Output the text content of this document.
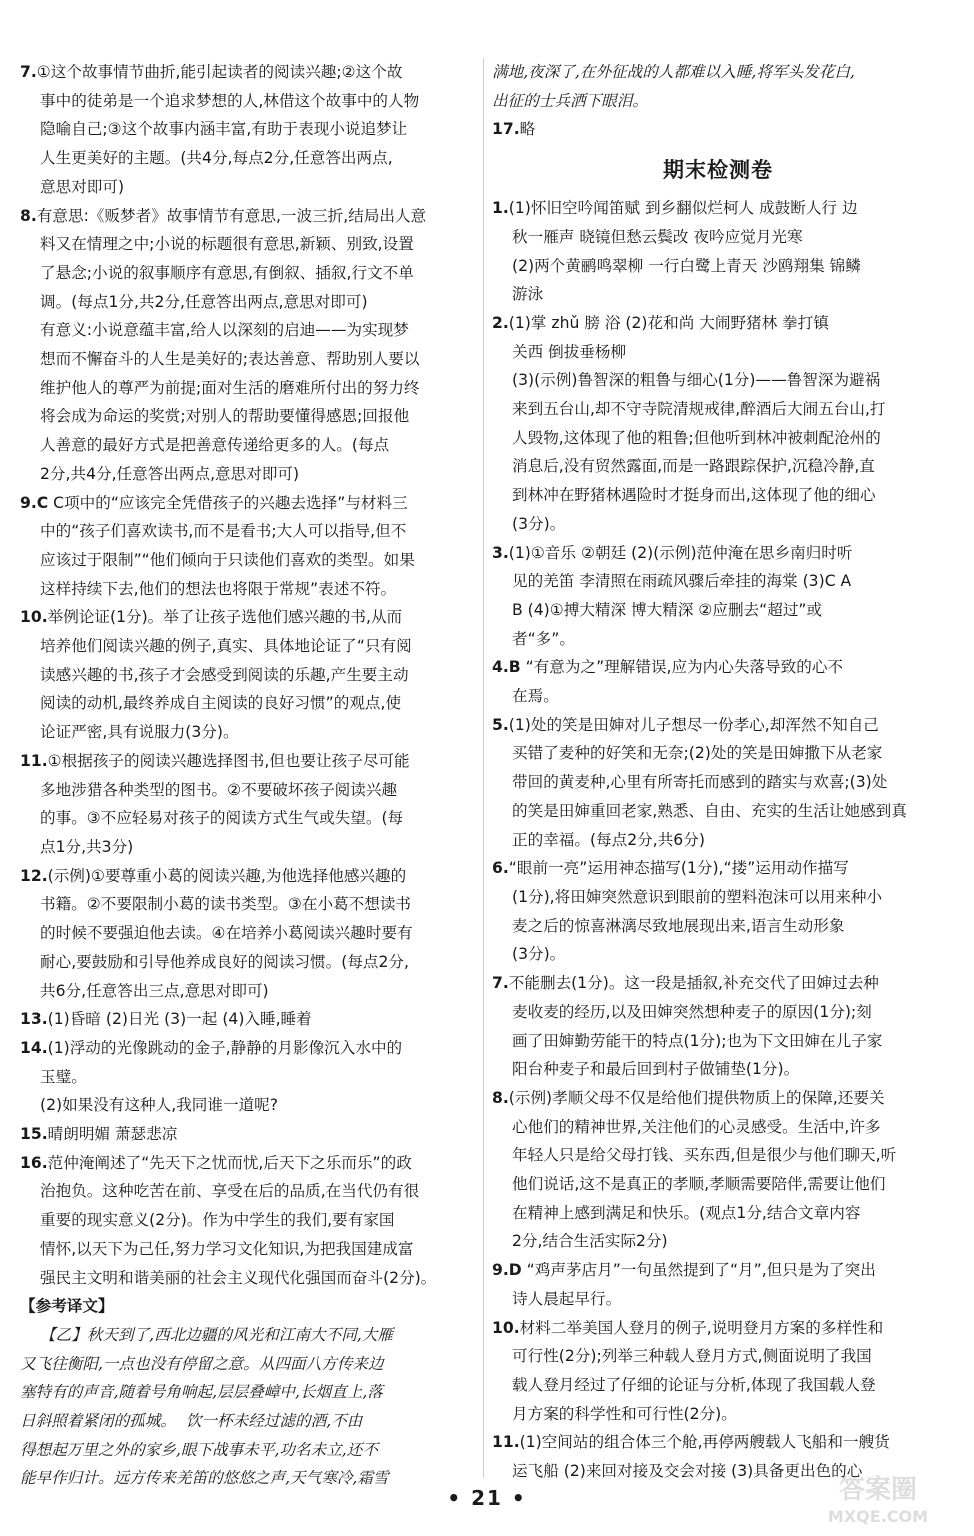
7.①这个故事情节曲折,能引起读者的阅读兴趣;②这个故
事中的徒弟是一个追求梦想的人,林借这个故事中的人物
隐喻自己;③这个故事内涵丰富,有助于表现小说追梦让
人生更美好的主题。(共4分,每点2分,任意答出两点,
意思对即可)
8.有意思:《贩梦者》故事情节有意思,一波三折,结局出人意
料又在情理之中;小说的标题很有意思,新颖、别致,设置
了悬念;小说的叙事顺序有意思,有倒叙、插叙,行文不单
调。(每点1分,共2分,任意答出两点,意思对即可)
有意义:小说意蕴丰富,给人以深刻的启迪——为实现梦
想而不懈奋斗的人生是美好的;表达善意、帮助别人要以
维护他人的尊严为前提;面对生活的磨难所付出的努力终
将会成为命运的奖赏;对别人的帮助要懂得感恩;回报他
人善意的最好方式是把善意传递给更多的人。(每点
2分,共4分,任意答出两点,意思对即可)
9.C C项中的“应该完全凭借孩子的兴趣去选择”与材料三
中的“孩子们喜欢读书,而不是看书;大人可以指导,但不
应该过于限制”“他们倾向于只读他们喜欢的类型。如果
这样持续下去,他们的想法也将限于常规”表述不符。
10.举例论证(1分)。举了让孩子选他们感兴趣的书,从而
培养他们阅读兴趣的例子,真实、具体地论证了“只有阅
读感兴趣的书,孩子才会感受到阅读的乐趣,产生要主动
阅读的动机,最终养成自主阅读的良好习惯”的观点,使
论证严密,具有说服力(3分)。
11.①根据孩子的阅读兴趣选择图书,但也要让孩子尽可能
多地涉猎各种类型的图书。②不要破坏孩子阅读兴趣
的事。③不应轻易对孩子的阅读方式生气或失望。(每
点1分,共3分)
12.(示例)①要尊重小葛的阅读兴趣,为他选择他感兴趣的
书籍。②不要限制小葛的读书类型。③在小葛不想读书
的时候不要强迫他去读。④在培养小葛阅读兴趣时要有
耐心,要鼓励和引导他养成良好的阅读习惯。(每点2分,
共6分,任意答出三点,意思对即可)
13.(1)昏暗 (2)日光 (3)一起 (4)入睡,睡着
14.(1)浮动的光像跳动的金子,静静的月影像沉入水中的
玉璧。
(2)如果没有这种人,我同谁一道呢?
15.晴朗明媚 萧瑟悲凉
16.范仲淹阐述了“先天下之忧而忧,后天下之乐而乐”的政
治抱负。这种吃苦在前、享受在后的品质,在当代仍有很
重要的现实意义(2分)。作为中学生的我们,要有家国
情怀,以天下为己任,努力学习文化知识,为把我国建成富
强民主文明和谐美丽的社会主义现代化强国而奋斗(2分)。
【参考译文】
【乙】秋天到了,西北边疆的风光和江南大不同,大雁
又飞往衡阳,一点也没有停留之意。从四面八方传来边
塞特有的声音,随着号角响起,层层叠嶂中,长烟直上,落
日斜照着紧闭的孤城。  饮一杯未经过滤的酒,不由
得想起万里之外的家乡,眼下战事未平,功名未立,还不
能早作归计。远方传来羌笛的悠悠之声,天气寒冷,霜雪
满地,夜深了,在外征战的人都难以入睡,将军头发花白,
出征的士兵洒下眼泪。
17.略
期末检测卷
1.(1)怀旧空吟闻笛赋 到乡翻似烂柯人 成鼓断人行 边
秋一雁声 晓镜但愁云鬓改 夜吟应觉月光寒
(2)两个黄鹂鸣翠柳 一行白鹭上青天 沙鸥翔集 锦鳞
游泳
2.(1)掌 zhǔ 膀 浴 (2)花和尚 大闹野猪林 拳打镇
关西 倒拔垂杨柳
(3)(示例)鲁智深的粗鲁与细心(1分)——鲁智深为避祸
来到五台山,却不守寺院清规戒律,醉酒后大闹五台山,打
人毁物,这体现了他的粗鲁;但他听到林冲被刺配沧州的
消息后,没有贸然露面,而是一路跟踪保护,沉稳冷静,直
到林冲在野猪林遇险时才挺身而出,这体现了他的细心
(3分)。
3.(1)①音乐 ②朝廷 (2)(示例)范仲淹在思乡南归时听
见的羌笛 李清照在雨疏风骤后牵挂的海棠 (3)C A
B (4)①搏大精深 博大精深 ②应删去“超过”或
者“多”。
4.B “有意为之”理解错误,应为内心失落导致的心不
在焉。
5.(1)处的笑是田婶对儿子想尽一份孝心,却浑然不知自己
买错了麦种的好笑和无奈;(2)处的笑是田婶撒下从老家
带回的黄麦种,心里有所寄托而感到的踏实与欢喜;(3)处
的笑是田婶重回老家,熟悉、自由、充实的生活让她感到真
正的幸福。(每点2分,共6分)
6.“眼前一亮”运用神态描写(1分),“搂”运用动作描写
(1分),将田婶突然意识到眼前的塑料泡沫可以用来种小
麦之后的惊喜淋漓尽致地展现出来,语言生动形象
(3分)。
7.不能删去(1分)。这一段是插叙,补充交代了田婶过去种
麦收麦的经历,以及田婶突然想种麦子的原因(1分);刻
画了田婶勤劳能干的特点(1分);也为下文田婶在儿子家
阳台种麦子和最后回到村子做铺垫(1分)。
8.(示例)孝顺父母不仅是给他们提供物质上的保障,还要关
心他们的精神世界,关注他们的心灵感受。生活中,许多
年轻人只是给父母打钱、买东西,但是很少与他们聊天,听
他们说话,这不是真正的孝顺,孝顺需要陪伴,需要让他们
在精神上感到满足和快乐。(观点1分,结合文章内容
2分,结合生活实际2分)
9.D “鸡声茅店月”一句虽然提到了“月”,但只是为了突出
诗人晨起早行。
10.材料二举美国人登月的例子,说明登月方案的多样性和
可行性(2分);列举三种载人登月方式,侧面说明了我国
载人登月经过了仔细的论证与分析,体现了我国载人登
月方案的科学性和可行性(2分)。
11.(1)空间站的组合体三个舱,再停两艘载人飞船和一艘货
运飞船 (2)来回对接及交会对接 (3)具备更出色的心
• 21 •	答案圈
MXQE.COM
